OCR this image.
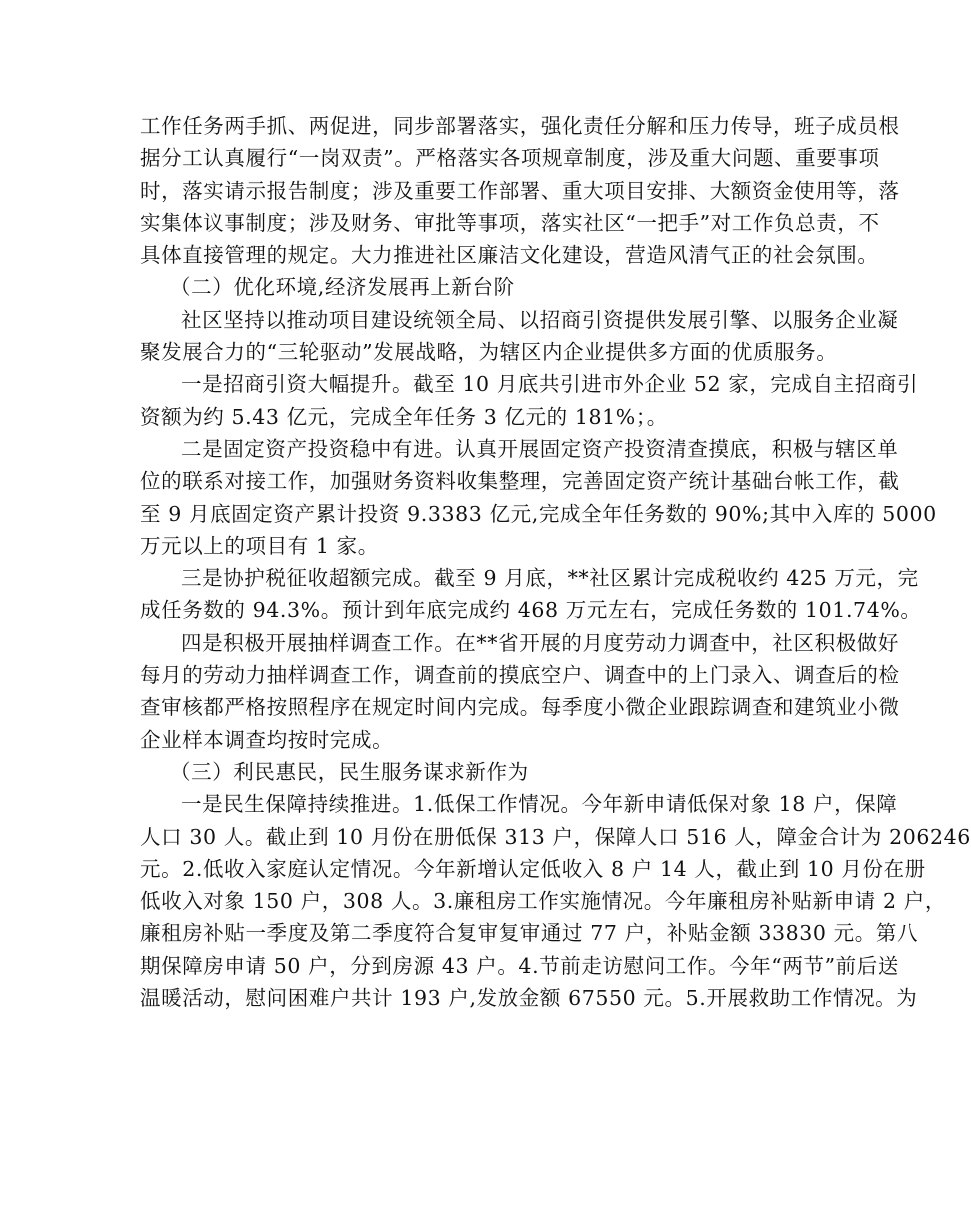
工作任务两手抓、两促进，同步部署落实，强化责任分解和压力传导，班子成员根
据分工认真履行“一岗双责”。严格落实各项规章制度，涉及重大问题、重要事项
时，落实请示报告制度；涉及重要工作部署、重大项目安排、大额资金使用等，落
实集体议事制度；涉及财务、审批等事项，落实社区“一把手”对工作负总责，不
具体直接管理的规定。大力推进社区廉洁文化建设，营造风清气正的社会氛围。
（二）优化环境,经济发展再上新台阶
社区坚持以推动项目建设统领全局、以招商引资提供发展引擎、以服务企业凝
聚发展合力的“三轮驱动”发展战略，为辖区内企业提供多方面的优质服务。
一是招商引资大幅提升。截至 10 月底共引进市外企业 52 家，完成自主招商引
资额为约 5.43 亿元，完成全年任务 3 亿元的 181%；。
二是固定资产投资稳中有进。认真开展固定资产投资清查摸底，积极与辖区单
位的联系对接工作，加强财务资料收集整理，完善固定资产统计基础台帐工作，截
至 9 月底固定资产累计投资 9.3383 亿元,完成全年任务数的 90%;其中入库的 5000
万元以上的项目有 1 家。
三是协护税征收超额完成。截至 9 月底，**社区累计完成税收约 425 万元，完
成任务数的 94.3%。预计到年底完成约 468 万元左右，完成任务数的 101.74%。
四是积极开展抽样调查工作。在**省开展的月度劳动力调查中，社区积极做好
每月的劳动力抽样调查工作，调查前的摸底空户、调查中的上门录入、调查后的检
查审核都严格按照程序在规定时间内完成。每季度小微企业跟踪调查和建筑业小微
企业样本调查均按时完成。
（三）利民惠民，民生服务谋求新作为
一是民生保障持续推进。1.低保工作情况。今年新申请低保对象 18 户，保障
人口 30 人。截止到 10 月份在册低保 313 户，保障人口 516 人，障金合计为 206246
元。2.低收入家庭认定情况。今年新增认定低收入 8 户 14 人，截止到 10 月份在册
低收入对象 150 户，308 人。3.廉租房工作实施情况。今年廉租房补贴新申请 2 户，
廉租房补贴一季度及第二季度符合复审复审通过 77 户，补贴金额 33830 元。第八
期保障房申请 50 户，分到房源 43 户。4.节前走访慰问工作。今年“两节”前后送
温暖活动，慰问困难户共计 193 户,发放金额 67550 元。5.开展救助工作情况。为
